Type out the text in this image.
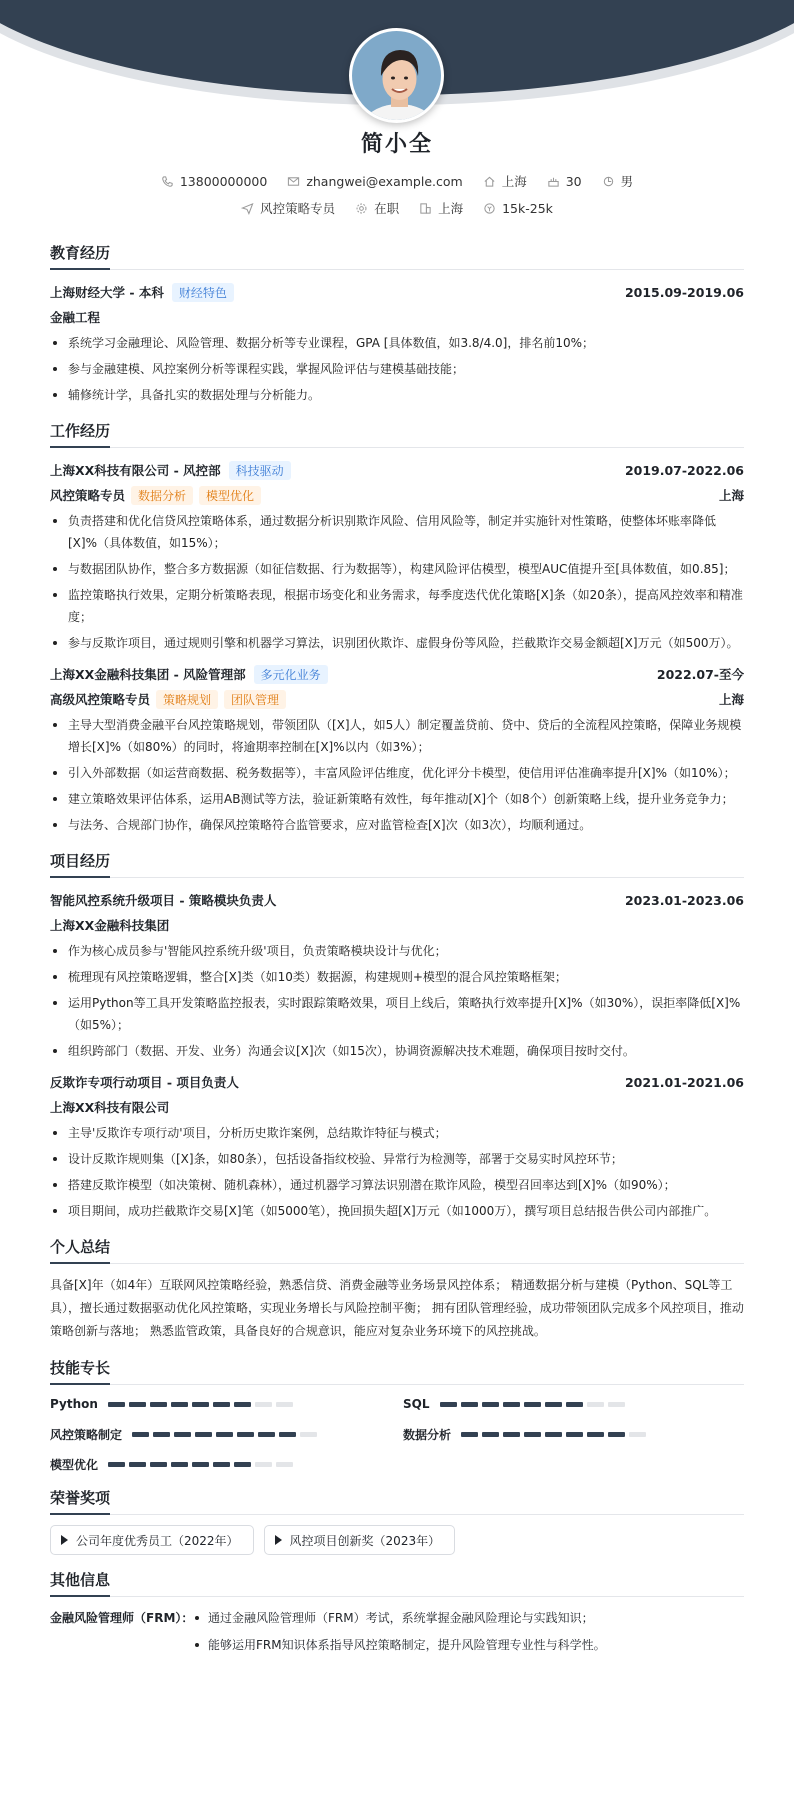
简小全
13800000000	zhangwei@example.com	上海	30	男
风控策略专员	在职	上海	15k-25k
教育经历
上海财经大学 - 本科	财经特色	2015.09-2019.06
金融工程
系统学习金融理论、风险管理、数据分析等专业课程，GPA [具体数值，如3.8/4.0]，排名前10%；
参与金融建模、风控案例分析等课程实践，掌握风险评估与建模基础技能；
辅修统计学，具备扎实的数据处理与分析能力。
工作经历
上海XX科技有限公司 - 风控部	科技驱动	2019.07-2022.06
风控策略专员	数据分析	模型优化	上海
负责搭建和优化信贷风控策略体系，通过数据分析识别欺诈风险、信用风险等，制定并实施针对性策略，使整体坏账率降低[X]%（具体数值，如15%）；
与数据团队协作，整合多方数据源（如征信数据、行为数据等），构建风险评估模型，模型AUC值提升至[具体数值，如0.85]；
监控策略执行效果，定期分析策略表现，根据市场变化和业务需求，每季度迭代优化策略[X]条（如20条），提高风控效率和精准度；
参与反欺诈项目，通过规则引擎和机器学习算法，识别团伙欺诈、虚假身份等风险，拦截欺诈交易金额超[X]万元（如500万）。
上海XX金融科技集团 - 风险管理部	多元化业务	2022.07-至今
高级风控策略专员	策略规划	团队管理	上海
主导大型消费金融平台风控策略规划，带领团队（[X]人，如5人）制定覆盖贷前、贷中、贷后的全流程风控策略，保障业务规模增长[X]%（如80%）的同时，将逾期率控制在[X]%以内（如3%）；
引入外部数据（如运营商数据、税务数据等），丰富风险评估维度，优化评分卡模型，使信用评估准确率提升[X]%（如10%）；
建立策略效果评估体系，运用AB测试等方法，验证新策略有效性，每年推动[X]个（如8个）创新策略上线，提升业务竞争力；
与法务、合规部门协作，确保风控策略符合监管要求，应对监管检查[X]次（如3次），均顺利通过。
项目经历
智能风控系统升级项目 - 策略模块负责人	2023.01-2023.06
上海XX金融科技集团
作为核心成员参与'智能风控系统升级'项目，负责策略模块设计与优化；
梳理现有风控策略逻辑，整合[X]类（如10类）数据源，构建规则+模型的混合风控策略框架；
运用Python等工具开发策略监控报表，实时跟踪策略效果，项目上线后，策略执行效率提升[X]%（如30%），误拒率降低[X]%（如5%）；
组织跨部门（数据、开发、业务）沟通会议[X]次（如15次），协调资源解决技术难题，确保项目按时交付。
反欺诈专项行动项目 - 项目负责人	2021.01-2021.06
上海XX科技有限公司
主导'反欺诈专项行动'项目，分析历史欺诈案例，总结欺诈特征与模式；
设计反欺诈规则集（[X]条，如80条），包括设备指纹校验、异常行为检测等，部署于交易实时风控环节；
搭建反欺诈模型（如决策树、随机森林），通过机器学习算法识别潜在欺诈风险，模型召回率达到[X]%（如90%）；
项目期间，成功拦截欺诈交易[X]笔（如5000笔），挽回损失超[X]万元（如1000万），撰写项目总结报告供公司内部推广。
个人总结
具备[X]年（如4年）互联网风控策略经验，熟悉信贷、消费金融等业务场景风控体系； 精通数据分析与建模（Python、SQL等工具），擅长通过数据驱动优化风控策略，实现业务增长与风险控制平衡； 拥有团队管理经验，成功带领团队完成多个风控项目，推动策略创新与落地； 熟悉监管政策，具备良好的合规意识，能应对复杂业务环境下的风控挑战。
技能专长
Python	SQL
风控策略制定	数据分析
模型优化
荣誉奖项
公司年度优秀员工（2022年）	风控项目创新奖（2023年）
其他信息
金融风险管理师（FRM）：	通过金融风险管理师（FRM）考试，系统掌握金融风险理论与实践知识；
能够运用FRM知识体系指导风控策略制定，提升风险管理专业性与科学性。
